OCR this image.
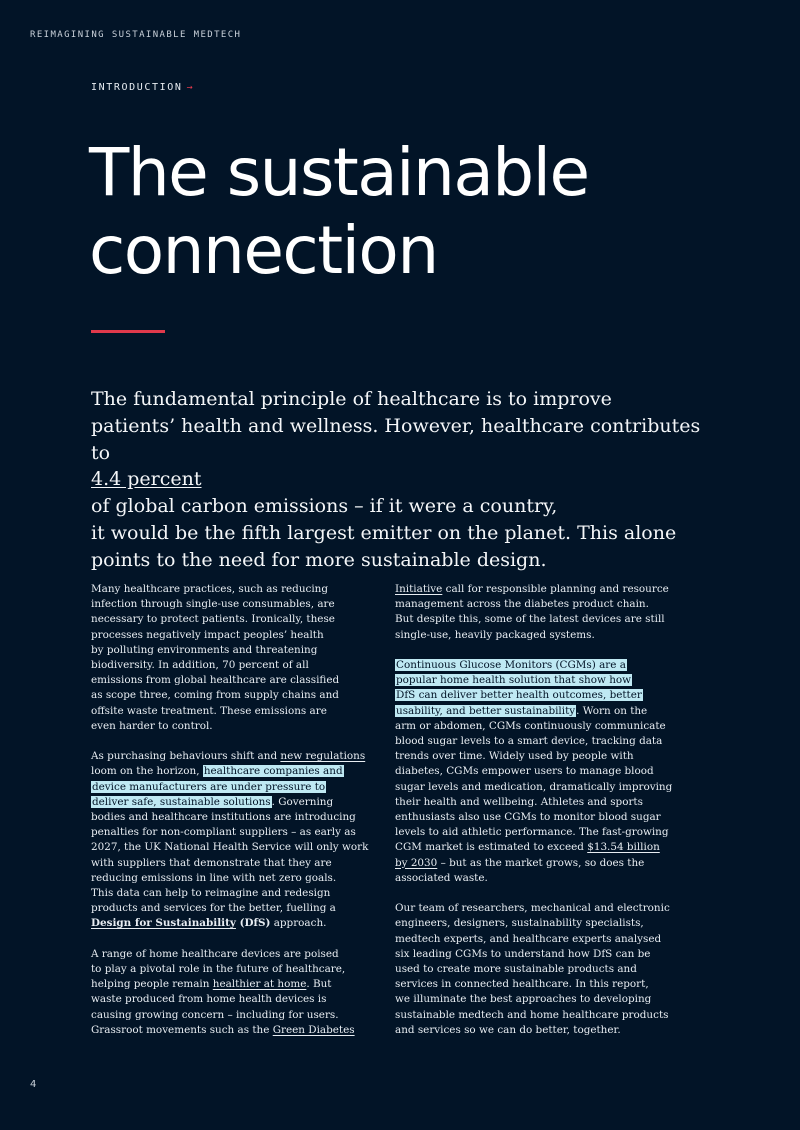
REIMAGINING SUSTAINABLE MEDTECH
INTRODUCTION →
The sustainable
connection

The fundamental principle of healthcare is to improve
patients’ health and wellness. However, healthcare contributes
to
4.4 percent
of global carbon emissions – if it were a country,
it would be the fifth largest emitter on the planet. This alone
points to the need for more sustainable design.

Many healthcare practices, such as reducing
infection through single-use consumables, are
necessary to protect patients. Ironically, these
processes negatively impact peoples’ health
by polluting environments and threatening
biodiversity. In addition, 70 percent of all
emissions from global healthcare are classified
as scope three, coming from supply chains and
offsite waste treatment. These emissions are
even harder to control.

As purchasing behaviours shift and new regulations
loom on the horizon, healthcare companies and
device manufacturers are under pressure to
deliver safe, sustainable solutions. Governing
bodies and healthcare institutions are introducing
penalties for non-compliant suppliers – as early as
2027, the UK National Health Service will only work
with suppliers that demonstrate that they are
reducing emissions in line with net zero goals.
This data can help to reimagine and redesign
products and services for the better, fuelling a
Design for Sustainability (DfS) approach.

A range of home healthcare devices are poised
to play a pivotal role in the future of healthcare,
helping people remain healthier at home. But
waste produced from home health devices is
causing growing concern – including for users.
Grassroot movements such as the Green Diabetes

Initiative call for responsible planning and resource
management across the diabetes product chain.
But despite this, some of the latest devices are still
single-use, heavily packaged systems.

Continuous Glucose Monitors (CGMs) are a
popular home health solution that show how
DfS can deliver better health outcomes, better
usability, and better sustainability. Worn on the
arm or abdomen, CGMs continuously communicate
blood sugar levels to a smart device, tracking data
trends over time. Widely used by people with
diabetes, CGMs empower users to manage blood
sugar levels and medication, dramatically improving
their health and wellbeing. Athletes and sports
enthusiasts also use CGMs to monitor blood sugar
levels to aid athletic performance. The fast-growing
CGM market is estimated to exceed $13.54 billion
by 2030 – but as the market grows, so does the
associated waste.

Our team of researchers, mechanical and electronic
engineers, designers, sustainability specialists,
medtech experts, and healthcare experts analysed
six leading CGMs to understand how DfS can be
used to create more sustainable products and
services in connected healthcare. In this report,
we illuminate the best approaches to developing
sustainable medtech and home healthcare products
and services so we can do better, together.

4
